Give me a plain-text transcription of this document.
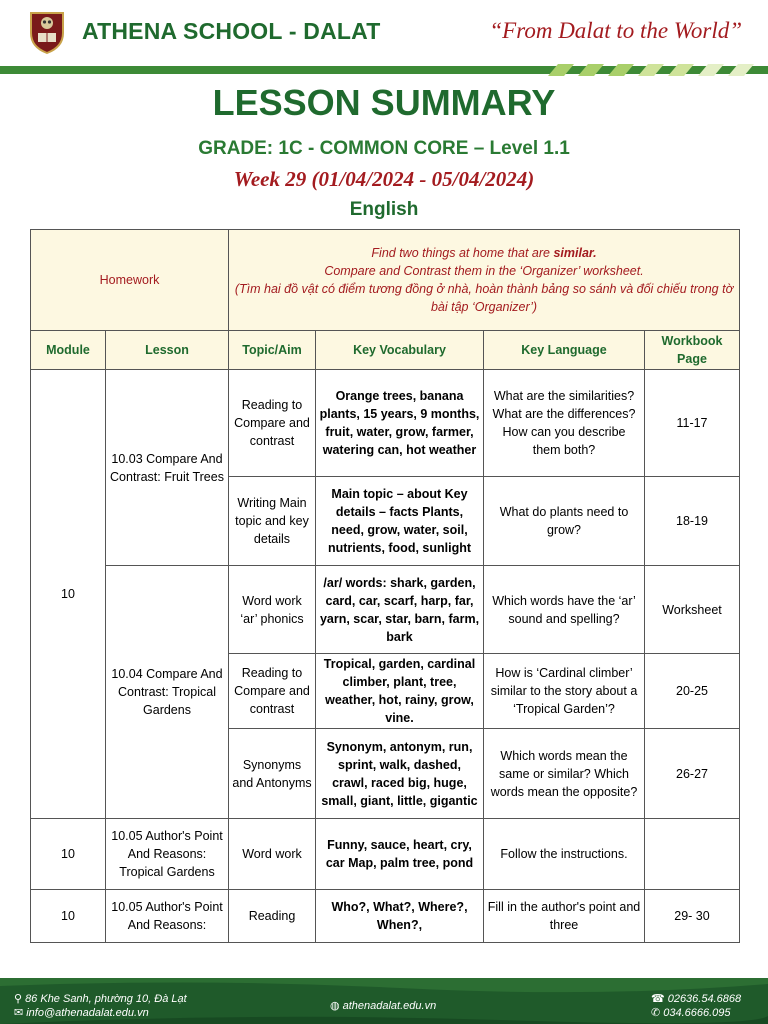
ATHENA SCHOOL - DALAT	“From Dalat to the World”
LESSON SUMMARY
GRADE: 1C - COMMON CORE – Level 1.1
Week 29 (01/04/2024 - 05/04/2024)
English
Homework		Find two things at home that are similar.
Compare and Contrast them in the ‘Organizer’ worksheet.
(Tìm hai đồ vật có điểm tương đồng ở nhà, hoàn thành bảng so sánh và đối chiếu trong tờ bài tập ‘Organizer’)			
Module	Lesson	Topic/Aim	Key Vocabulary	Key Language	Workbook Page
10	10.03 Compare And Contrast: Fruit Trees	Reading to Compare and contrast	Orange trees, banana plants, 15 years, 9 months, fruit, water, grow, farmer, watering can, hot weather	What are the similarities? What are the differences? How can you describe them both?	11-17
		Writing Main topic and key details	Main topic – about Key details – facts Plants, need, grow, water, soil, nutrients, food, sunlight	What do plants need to grow?	18-19
	10.04 Compare And Contrast: Tropical Gardens	Word work ‘ar’ phonics	/ar/ words: shark, garden, card, car, scarf, harp, far, yarn, scar, star, barn, farm, bark	Which words have the ‘ar’ sound and spelling?	Worksheet
		Reading to Compare and contrast	Tropical, garden, cardinal climber, plant, tree, weather, hot, rainy, grow, vine.	How is ‘Cardinal climber’ similar to the story about a ‘Tropical Garden’?	20-25
		Synonyms and Antonyms	Synonym, antonym, run, sprint, walk, dashed, crawl, raced big, huge, small, giant, little, gigantic	Which words mean the same or similar? Which words mean the opposite?	26-27
10	10.05 Author's Point And Reasons: Tropical Gardens	Word work	Funny, sauce, heart, cry, car Map, palm tree, pond	Follow the instructions.	
10	10.05 Author's Point And Reasons:	Reading	Who?, What?, Where?, When?,	Fill in the author's point and three	29- 30
⚲ 86 Khe Sanh, phường 10, Đà Lạt
✉ info@athenadalat.edu.vn
◍ athenadalat.edu.vn
☎ 02636.54.6868
✆ 034.6666.095
